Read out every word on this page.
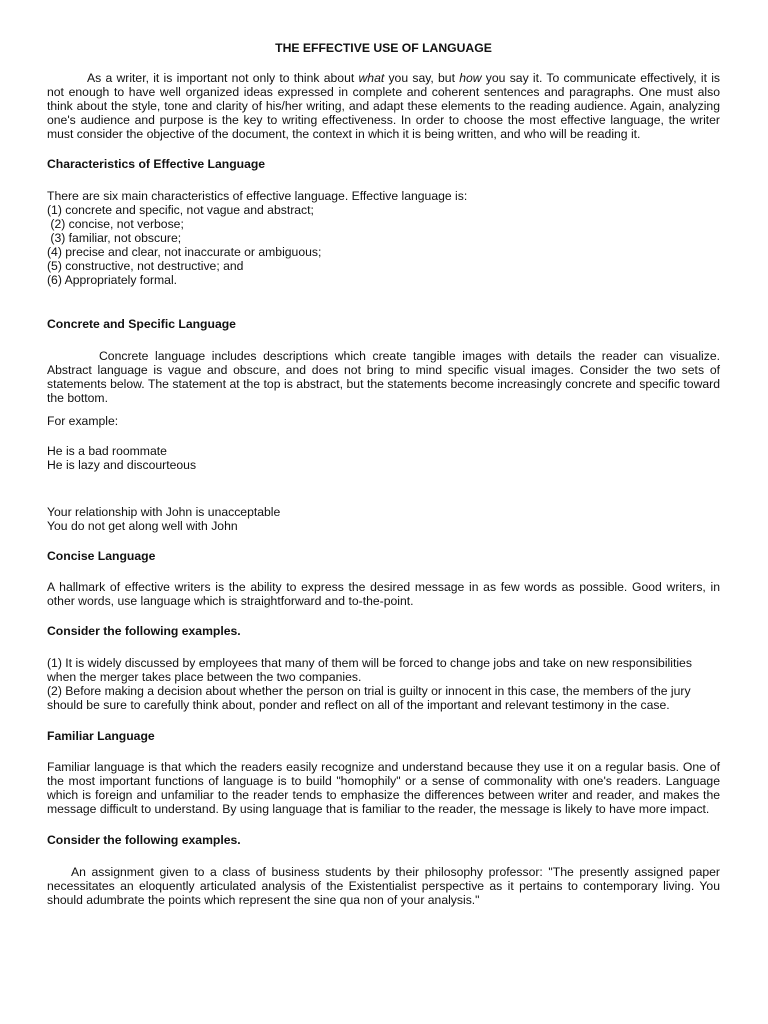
THE EFFECTIVE USE OF LANGUAGE

As a writer, it is important not only to think about what you say, but how you say it. To communicate effectively, it is not enough to have well organized ideas expressed in complete and coherent sentences and paragraphs. One must also think about the style, tone and clarity of his/her writing, and adapt these elements to the reading audience. Again, analyzing one's audience and purpose is the key to writing effectiveness. In order to choose the most effective language, the writer must consider the objective of the document, the context in which it is being written, and who will be reading it.

Characteristics of Effective Language

There are six main characteristics of effective language. Effective language is:

(1) concrete and specific, not vague and abstract;
(2) concise, not verbose;
(3) familiar, not obscure;
(4) precise and clear, not inaccurate or ambiguous;
(5) constructive, not destructive; and
(6) Appropriately formal.

Concrete and Specific Language

Concrete language includes descriptions which create tangible images with details the reader can visualize. Abstract language is vague and obscure, and does not bring to mind specific visual images. Consider the two sets of statements below. The statement at the top is abstract, but the statements become increasingly concrete and specific toward the bottom.

For example:

He is a bad roommate
He is lazy and discourteous
Your relationship with John is unacceptable
You do not get along well with John

Concise Language

A hallmark of effective writers is the ability to express the desired message in as few words as possible. Good writers, in other words, use language which is straightforward and to-the-point.

Consider the following examples.

(1) It is widely discussed by employees that many of them will be forced to change jobs and take on new responsibilities when the merger takes place between the two companies.

(2) Before making a decision about whether the person on trial is guilty or innocent in this case, the members of the jury should be sure to carefully think about, ponder and reflect on all of the important and relevant testimony in the case.

Familiar Language

Familiar language is that which the readers easily recognize and understand because they use it on a regular basis. One of the most important functions of language is to build "homophily" or a sense of commonality with one's readers. Language which is foreign and unfamiliar to the reader tends to emphasize the differences between writer and reader, and makes the message difficult to understand. By using language that is familiar to the reader, the message is likely to have more impact.

Consider the following examples.

An assignment given to a class of business students by their philosophy professor: "The presently assigned paper necessitates an eloquently articulated analysis of the Existentialist perspective as it pertains to contemporary living. You should adumbrate the points which represent the sine qua non of your analysis."
